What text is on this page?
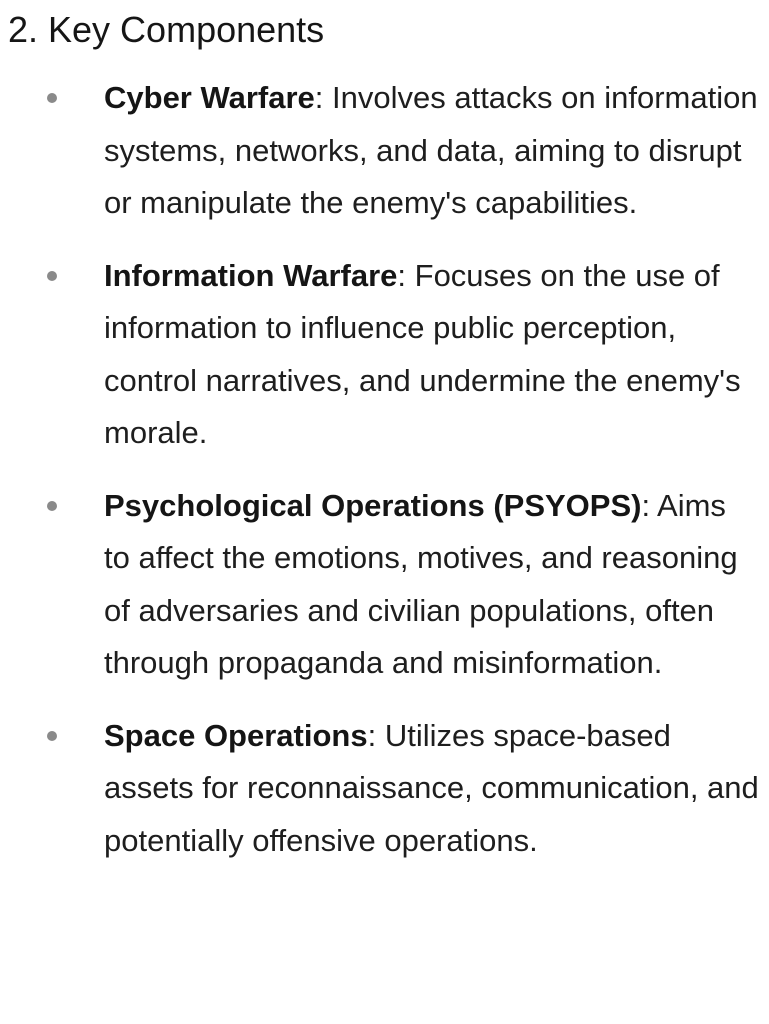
2. Key Components
Cyber Warfare: Involves attacks on information systems, networks, and data, aiming to disrupt or manipulate the enemy's capabilities.
Information Warfare: Focuses on the use of information to influence public perception, control narratives, and undermine the enemy's morale.
Psychological Operations (PSYOPS): Aims to affect the emotions, motives, and reasoning of adversaries and civilian populations, often through propaganda and misinformation.
Space Operations: Utilizes space-based assets for reconnaissance, communication, and potentially offensive operations.
